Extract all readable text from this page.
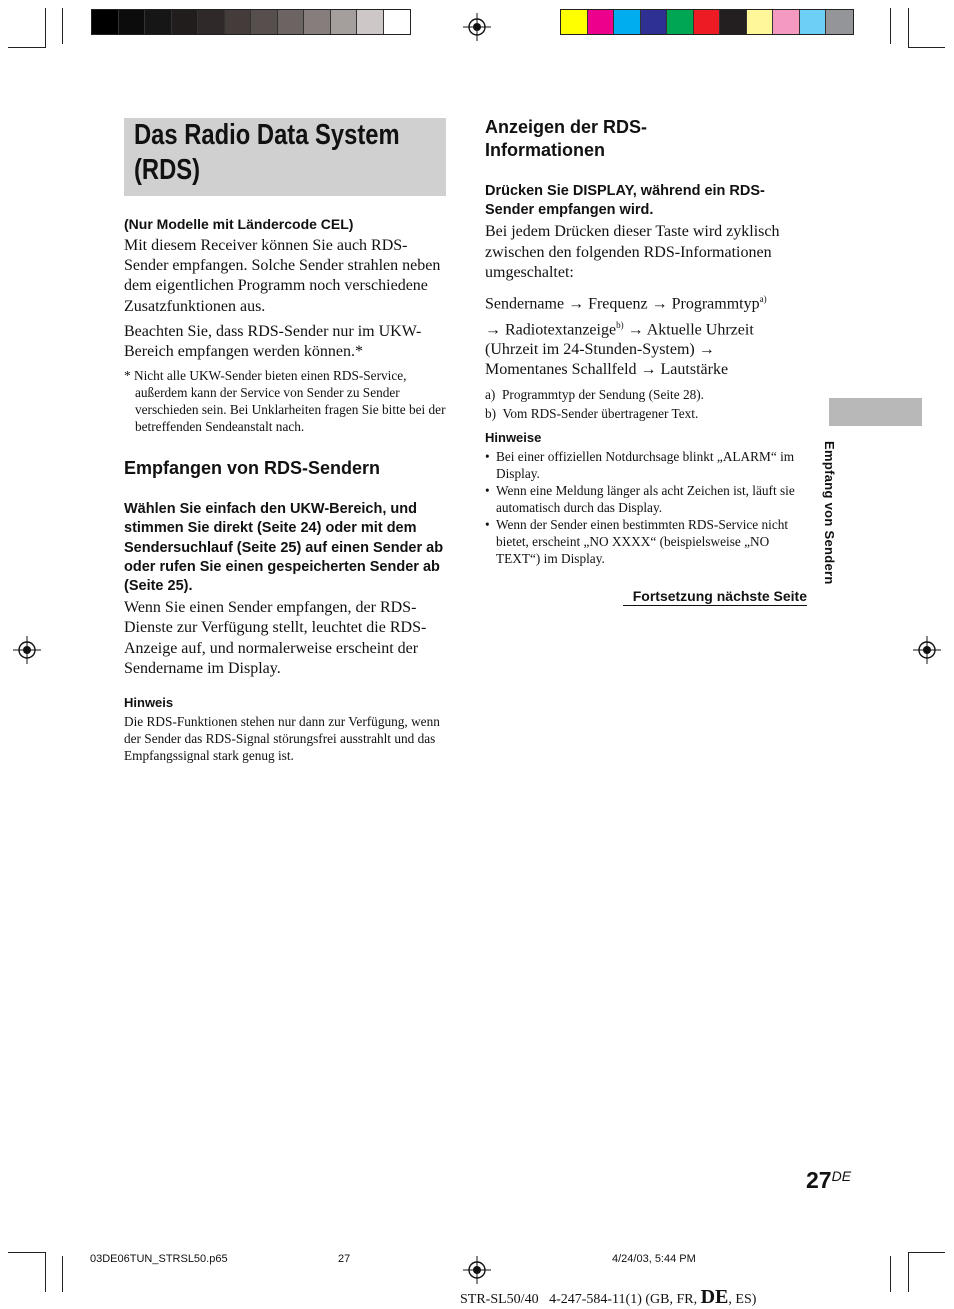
Das Radio Data System (RDS)

(Nur Modelle mit Ländercode CEL)

Mit diesem Receiver können Sie auch RDS-Sender empfangen. Solche Sender strahlen neben dem eigentlichen Programm noch verschiedene Zusatzfunktionen aus.

Beachten Sie, dass RDS-Sender nur im UKW-Bereich empfangen werden können.*

* Nicht alle UKW-Sender bieten einen RDS-Service, außerdem kann der Service von Sender zu Sender verschieden sein. Bei Unklarheiten fragen Sie bitte bei der betreffenden Sendeanstalt nach.

Empfangen von RDS-Sendern

Wählen Sie einfach den UKW-Bereich, und stimmen Sie direkt (Seite 24) oder mit dem Sendersuchlauf (Seite 25) auf einen Sender ab oder rufen Sie einen gespeicherten Sender ab (Seite 25).

Wenn Sie einen Sender empfangen, der RDS-Dienste zur Verfügung stellt, leuchtet die RDS-Anzeige auf, und normalerweise erscheint der Sendername im Display.

Hinweis

Die RDS-Funktionen stehen nur dann zur Verfügung, wenn der Sender das RDS-Signal störungsfrei ausstrahlt und das Empfangssignal stark genug ist.

Anzeigen der RDS-Informationen

Drücken Sie DISPLAY, während ein RDS-Sender empfangen wird.

Bei jedem Drücken dieser Taste wird zyklisch zwischen den folgenden RDS-Informationen umgeschaltet:

Sendername → Frequenz → Programmtyp$^{a)}$
→ Radiotextanzeige$^{b)}$ → Aktuelle Uhrzeit
(Uhrzeit im 24-Stunden-System) →
Momentanes Schallfeld → Lautstärke

a) Programmtyp der Sendung (Seite 28).

b) Vom RDS-Sender übertragener Text.

Hinweise

• Bei einer offiziellen Notdurchsage blinkt „ALARM“ im Display.
• Wenn eine Meldung länger als acht Zeichen ist, läuft sie automatisch durch das Display.
• Wenn der Sender einen bestimmten RDS-Service nicht bietet, erscheint „NO XXXX“ (beispielsweise „NO TEXT“) im Display.
Fortsetzung nächste Seite
Empfang von Sendern
27DE
03DE06TUN_STRSL50.p65	27	4/24/03, 5:44 PM

STR-SL50/40   4-247-584-11(1) (GB, FR, DE, ES)
